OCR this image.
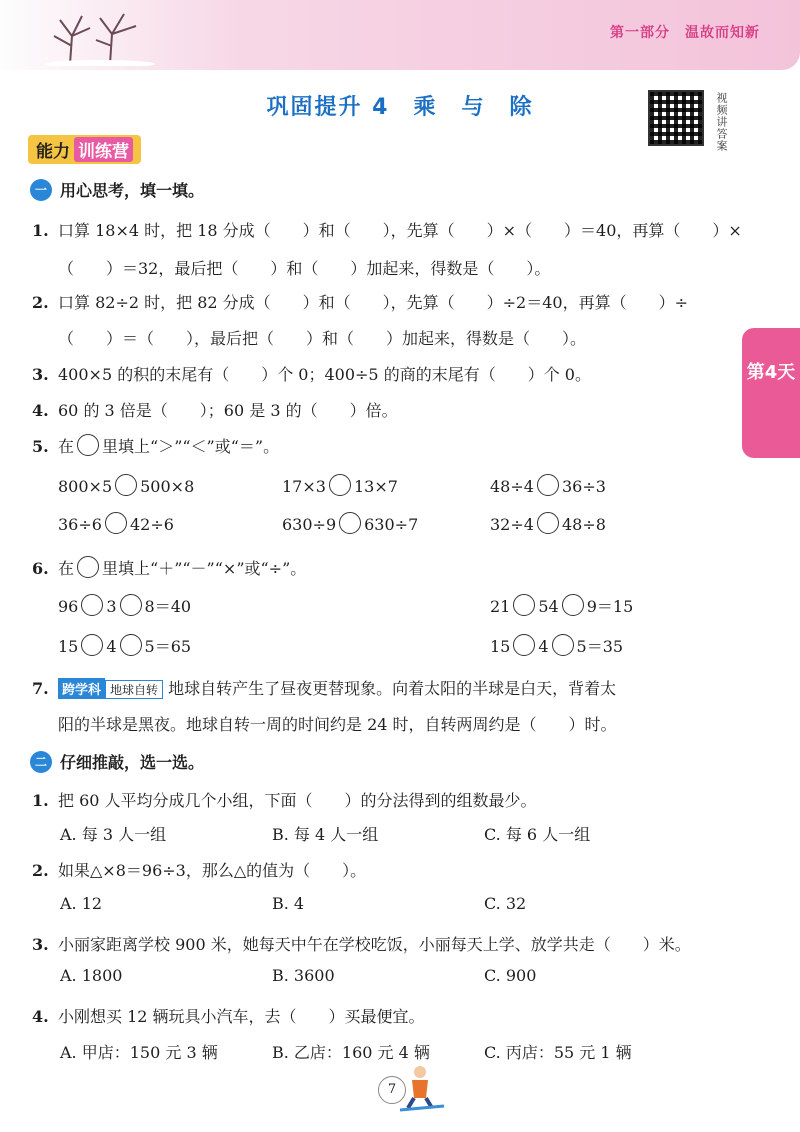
第一部分　温故而知新
巩固提升 4　乘　与　除	视频讲答案
能力 训练营
一 用心思考，填一填。
1. 口算 18×4 时，把 18 分成（　　）和（　　），先算（　　）×（　　）＝40，再算（　　）×
（　　）＝32，最后把（　　）和（　　）加起来，得数是（　　）。
2. 口算 82÷2 时，把 82 分成（　　）和（　　），先算（　　）÷2＝40，再算（　　）÷
（　　）＝（　　），最后把（　　）和（　　）加起来，得数是（　　）。
3. 400×5 的积的末尾有（　　）个 0；400÷5 的商的末尾有（　　）个 0。
4. 60 的 3 倍是（　　）；60 是 3 的（　　）倍。
第4天
5. 在 里填上“＞”“＜”或“＝”。
800×5 500×8	17×3 13×7	48÷4 36÷3
36÷6 42÷6	630÷9 630÷7	32÷4 48÷8
6. 在 里填上“＋”“－”“×”或“÷”。
96 3 8＝40	21 54 9＝15
15 4 5＝65	15 4 5＝35
7. 跨学科 地球自转 地球自转产生了昼夜更替现象。向着太阳的半球是白天，背着太
阳的半球是黑夜。地球自转一周的时间约是 24 时，自转两周约是（　　）时。
二 仔细推敲，选一选。
1. 把 60 人平均分成几个小组，下面（　　）的分法得到的组数最少。
A. 每 3 人一组	B. 每 4 人一组	C. 每 6 人一组
2. 如果△×8＝96÷3，那么△的值为（　　）。
A. 12	B. 4	C. 32
3. 小丽家距离学校 900 米，她每天中午在学校吃饭，小丽每天上学、放学共走（　　）米。
A. 1800	B. 3600	C. 900
4. 小刚想买 12 辆玩具小汽车，去（　　）买最便宜。
A. 甲店：150 元 3 辆	B. 乙店：160 元 4 辆	C. 丙店：55 元 1 辆
7
